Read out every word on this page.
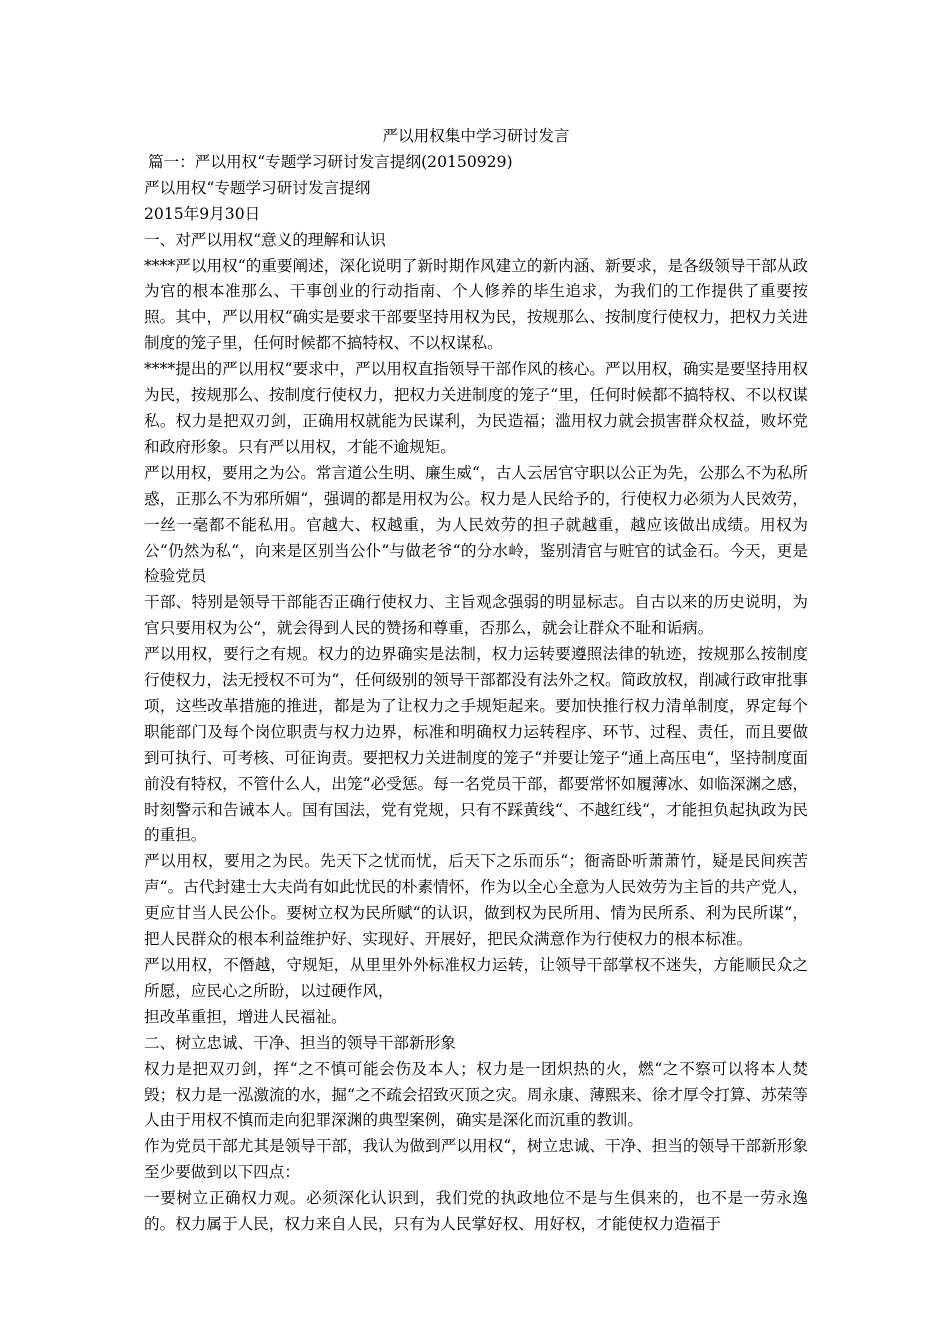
严以用权集中学习研讨发言

篇一：严以用权“专题学习研讨发言提纲(20150929)

严以用权“专题学习研讨发言提纲

2015年9月30日

一、对严以用权“意义的理解和认识

****严以用权“的重要阐述，深化说明了新时期作风建立的新内涵、新要求，是各级领导干部从政为官的根本准那么、干事创业的行动指南、个人修养的毕生追求，为我们的工作提供了重要按照。其中，严以用权“确实是要求干部要坚持用权为民，按规那么、按制度行使权力，把权力关进制度的笼子里，任何时候都不搞特权、不以权谋私。

****提出的严以用权“要求中，严以用权直指领导干部作风的核心。严以用权，确实是要坚持用权为民，按规那么、按制度行使权力，把权力关进制度的笼子“里，任何时候都不搞特权、不以权谋私。权力是把双刃剑，正确用权就能为民谋利，为民造福；滥用权力就会损害群众权益，败坏党和政府形象。只有严以用权，才能不逾规矩。

严以用权，要用之为公。常言道公生明、廉生威“，古人云居官守职以公正为先，公那么不为私所惑，正那么不为邪所媚“，强调的都是用权为公。权力是人民给予的，行使权力必须为人民效劳，一丝一毫都不能私用。官越大、权越重，为人民效劳的担子就越重，越应该做出成绩。用权为公“仍然为私“，向来是区别当公仆“与做老爷“的分水岭，鉴别清官与赃官的试金石。今天，更是检验党员

干部、特别是领导干部能否正确行使权力、主旨观念强弱的明显标志。自古以来的历史说明，为官只要用权为公“，就会得到人民的赞扬和尊重，否那么，就会让群众不耻和诟病。

严以用权，要行之有规。权力的边界确实是法制，权力运转要遵照法律的轨迹，按规那么按制度行使权力，法无授权不可为“，任何级别的领导干部都没有法外之权。简政放权，削减行政审批事项，这些改革措施的推进，都是为了让权力之手规矩起来。要加快推行权力清单制度，界定每个职能部门及每个岗位职责与权力边界，标准和明确权力运转程序、环节、过程、责任，而且要做到可执行、可考核、可征询责。要把权力关进制度的笼子“并要让笼子“通上高压电“，坚持制度面前没有特权，不管什么人，出笼“必受惩。每一名党员干部，都要常怀如履薄冰、如临深渊之感，时刻警示和告诫本人。国有国法，党有党规，只有不踩黄线“、不越红线“，才能担负起执政为民的重担。

严以用权，要用之为民。先天下之忧而忧，后天下之乐而乐“；衙斋卧听萧萧竹，疑是民间疾苦声“。古代封建士大夫尚有如此忧民的朴素情怀，作为以全心全意为人民效劳为主旨的共产党人，更应甘当人民公仆。要树立权为民所赋“的认识，做到权为民所用、情为民所系、利为民所谋“，把人民群众的根本利益维护好、实现好、开展好，把民众满意作为行使权力的根本标准。

严以用权，不僭越，守规矩，从里里外外标准权力运转，让领导干部掌权不迷失，方能顺民众之 所愿，应民心之所盼，以过硬作风，

担改革重担，增进人民福祉。

二、树立忠诚、干净、担当的领导干部新形象

权力是把双刃剑，挥“之不慎可能会伤及本人；权力是一团炽热的火，燃“之不察可以将本人焚毁；权力是一泓激流的水，掘“之不疏会招致灭顶之灾。周永康、薄熙来、徐才厚令打算、苏荣等人由于用权不慎而走向犯罪深渊的典型案例，确实是深化而沉重的教训。

作为党员干部尤其是领导干部，我认为做到严以用权“，树立忠诚、干净、担当的领导干部新形象至少要做到以下四点：

一要树立正确权力观。必须深化认识到，我们党的执政地位不是与生俱来的，也不是一劳永逸的。权力属于人民，权力来自人民，只有为人民掌好权、用好权，才能使权力造福于
